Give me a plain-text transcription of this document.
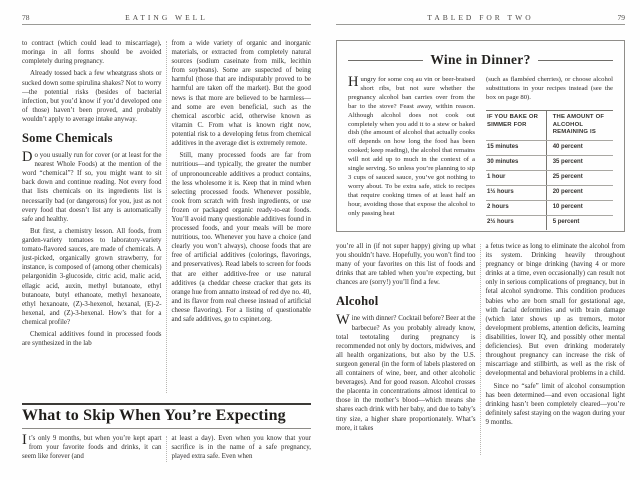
78	EATING WELL

to contract (which could lead to miscarriage), moringa in all forms should be avoided completely during pregnancy.

Already tossed back a few wheatgrass shots or sucked down some spirulina shakes? Not to worry—the potential risks (besides of bacterial infection, but you’d know if you’d developed one of those) haven’t been proved, and probably wouldn’t apply to average intake anyway.

Some Chemicals

Do you usually run for cover (or at least for the nearest Whole Foods) at the mention of the word “chemical”? If so, you might want to sit back down and continue reading. Not every food that lists chemicals on its ingredients list is necessarily bad (or dangerous) for you, just as not every food that doesn’t list any is automatically safe and healthy.

But first, a chemistry lesson. All foods, from garden-variety tomatoes to laboratory-variety tomato-flavored sauces, are made of chemicals. A just-picked, organically grown strawberry, for instance, is composed of (among other chemicals) pelargonidin 3-glucoside, citric acid, malic acid, ellagic acid, auxin, methyl butanoate, ethyl butanoate, butyl ethanoate, methyl hexanoate, ethyl hexanoate, (Z)-3-hexenol, hexanal, (E)-2-hexenal, and (Z)-3-hexenal. How’s that for a chemical profile?

Chemical additives found in processed foods are synthesized in the lab

from a wide variety of organic and inorganic materials, or extracted from completely natural sources (sodium caseinate from milk, lecithin from soybeans). Some are suspected of being harmful (those that are indisputably proved to be harmful are taken off the market). But the good news is that more are believed to be harmless—and some are even beneficial, such as the chemical ascorbic acid, otherwise known as vitamin C. From what is known right now, potential risk to a developing fetus from chemical additives in the average diet is extremely remote.

Still, many processed foods are far from nutritious—and typically, the greater the number of unpronounceable additives a product contains, the less wholesome it is. Keep that in mind when selecting processed foods. Whenever possible, cook from scratch with fresh ingredients, or use frozen or packaged organic ready-to-eat foods. You’ll avoid many questionable additives found in processed foods, and your meals will be more nutritious, too. Whenever you have a choice (and clearly you won’t always), choose foods that are free of artificial additives (colorings, flavorings, and preservatives). Read labels to screen for foods that are either additive-free or use natural additives (a cheddar cheese cracker that gets its orange hue from annatto instead of red dye no. 40, and its flavor from real cheese instead of artificial cheese flavoring). For a listing of questionable and safe additives, go to cspinet.org.

What to Skip When You’re Expecting

It’s only 9 months, but when you’re kept apart from your favorite foods and drinks, it can seem like forever (and

at least a day). Even when you know that your sacrifice is in the name of a safe pregnancy, played extra safe. Even when

TABLED FOR TWO	79
Wine in Dinner?

Hungry for some coq au vin or beer-braised short ribs, but not sure whether the pregnancy alcohol ban carries over from the bar to the stove? Feast away, within reason. Although alcohol does not cook out completely when you add it to a stew or baked dish (the amount of alcohol that actually cooks off depends on how long the food has been cooked; keep reading), the alcohol that remains will not add up to much in the context of a single serving. So unless you’re planning to sip 3 cups of sauced sauce, you’ve got nothing to worry about. To be extra safe, stick to recipes that require cooking times of at least half an hour, avoiding those that expose the alcohol to only passing heat

(such as flambéed cherries), or choose alcohol substitutions in your recipes instead (see the box on page 80).

IF YOU BAKE OR SIMMER FOR
THE AMOUNT OF ALCOHOL REMAINING IS
15 minutes	40 percent
30 minutes	35 percent
1 hour	25 percent
1½ hours	20 percent
2 hours	10 percent
2½ hours	5 percent

you’re all in (if not super happy) giving up what you shouldn’t have. Hopefully, you won’t find too many of your favorites on this list of foods and drinks that are tabled when you’re expecting, but chances are (sorry!) you’ll find a few.

Alcohol

Wine with dinner? Cocktail before? Beer at the barbecue? As you probably already know, total teetotaling during pregnancy is recommended not only by doctors, midwives, and all health organizations, but also by the U.S. surgeon general (in the form of labels plastered on all containers of wine, beer, and other alcoholic beverages). And for good reason. Alcohol crosses the placenta in concentrations almost identical to those in the mother’s blood—which means she shares each drink with her baby, and due to baby’s tiny size, a higher share proportionately. What’s more, it takes

a fetus twice as long to eliminate the alcohol from its system. Drinking heavily throughout pregnancy or binge drinking (having 4 or more drinks at a time, even occasionally) can result not only in serious complications of pregnancy, but in fetal alcohol syndrome. This condition produces babies who are born small for gestational age, with facial deformities and with brain damage (which later shows up as tremors, motor development problems, attention deficits, learning disabilities, lower IQ, and possibly other mental deficiencies). But even drinking moderately throughout pregnancy can increase the risk of miscarriage and stillbirth, as well as the risk of developmental and behavioral problems in a child.

Since no “safe” limit of alcohol consumption has been determined—and even occasional light drinking hasn’t been completely cleared—you’re definitely safest staying on the wagon during your 9 months.
